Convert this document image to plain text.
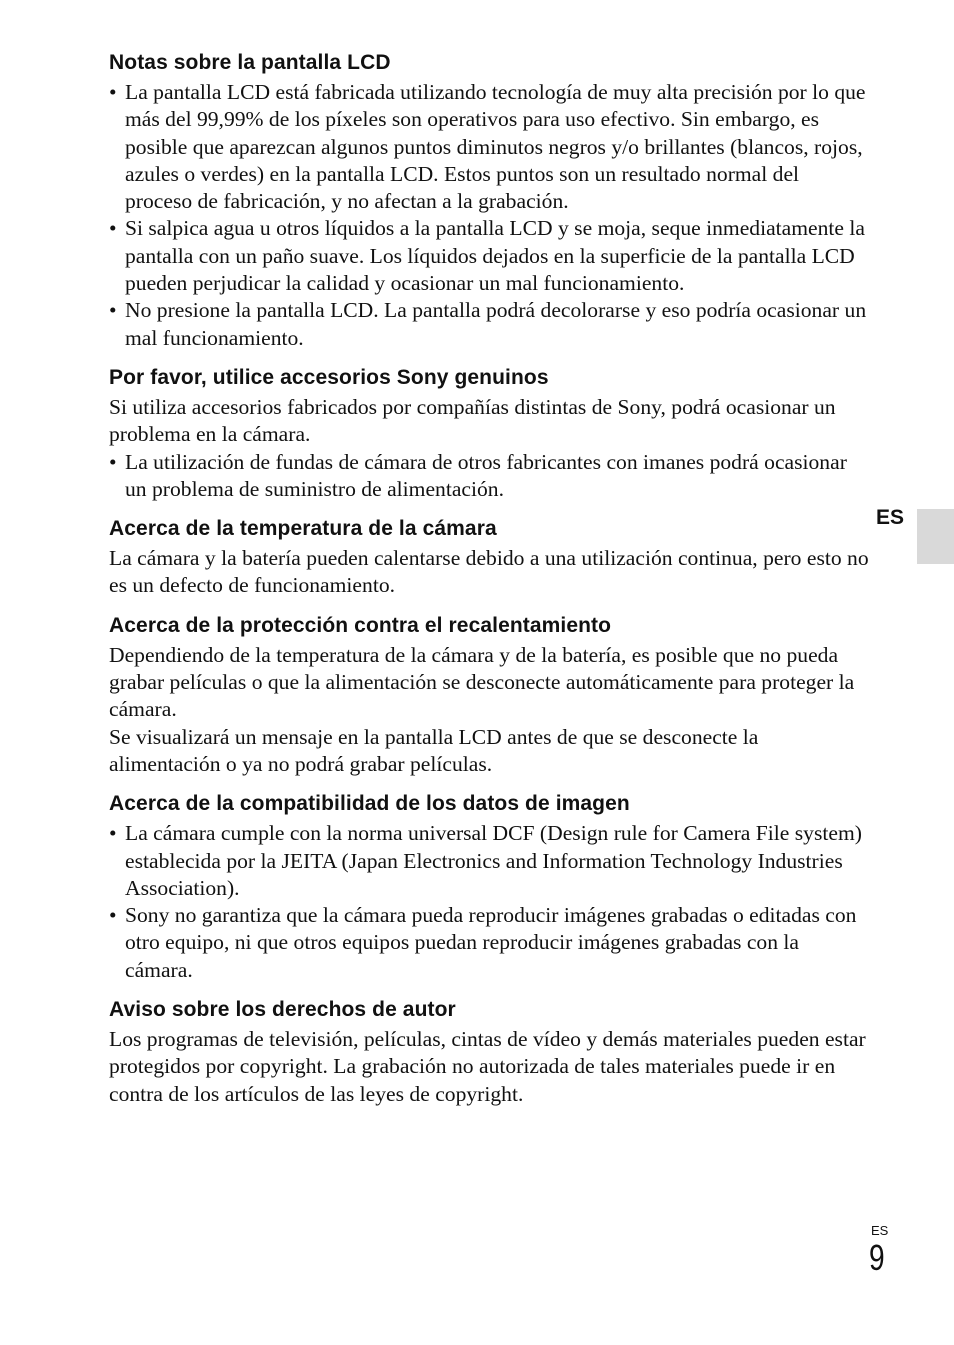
Notas sobre la pantalla LCD
• La pantalla LCD está fabricada utilizando tecnología de muy alta precisión por lo que más del 99,99% de los píxeles son operativos para uso efectivo. Sin embargo, es posible que aparezcan algunos puntos diminutos negros y/o brillantes (blancos, rojos, azules o verdes) en la pantalla LCD. Estos puntos son un resultado normal del proceso de fabricación, y no afectan a la grabación.
• Si salpica agua u otros líquidos a la pantalla LCD y se moja, seque inmediatamente la pantalla con un paño suave. Los líquidos dejados en la superficie de la pantalla LCD pueden perjudicar la calidad y ocasionar un mal funcionamiento.
• No presione la pantalla LCD. La pantalla podrá decolorarse y eso podría ocasionar un mal funcionamiento.
Por favor, utilice accesorios Sony genuinos

Si utiliza accesorios fabricados por compañías distintas de Sony, podrá ocasionar un problema en la cámara.

• La utilización de fundas de cámara de otros fabricantes con imanes podrá ocasionar un problema de suministro de alimentación.
Acerca de la temperatura de la cámara

La cámara y la batería pueden calentarse debido a una utilización continua, pero esto no es un defecto de funcionamiento.

Acerca de la protección contra el recalentamiento

Dependiendo de la temperatura de la cámara y de la batería, es posible que no pueda grabar películas o que la alimentación se desconecte automáticamente para proteger la cámara.

Se visualizará un mensaje en la pantalla LCD antes de que se desconecte la alimentación o ya no podrá grabar películas.

Acerca de la compatibilidad de los datos de imagen
• La cámara cumple con la norma universal DCF (Design rule for Camera File system) establecida por la JEITA (Japan Electronics and Information Technology Industries Association).
• Sony no garantiza que la cámara pueda reproducir imágenes grabadas o editadas con otro equipo, ni que otros equipos puedan reproducir imágenes grabadas con la cámara.
Aviso sobre los derechos de autor

Los programas de televisión, películas, cintas de vídeo y demás materiales pueden estar protegidos por copyright. La grabación no autorizada de tales materiales puede ir en contra de los artículos de las leyes de copyright.

ES
ES
9
